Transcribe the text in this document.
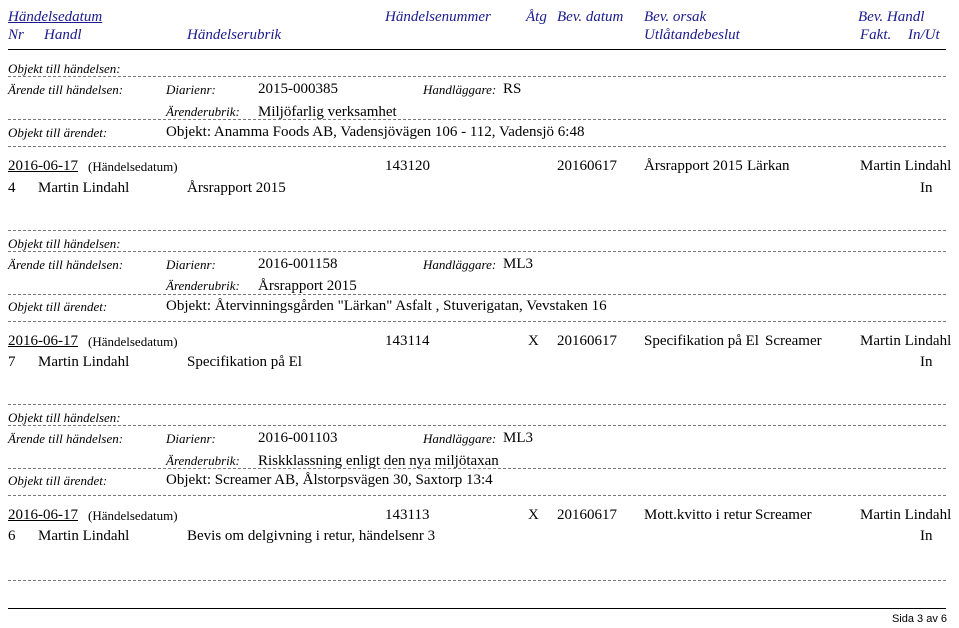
Händelsedatum	Händelsenummer Åtg Bev. datum Bev. orsak	Bev. Handl
Nr Handl	Händelserubrik	Utlåtandebeslut	Fakt. In/Ut
Objekt till händelsen:
Ärende till händelsen:	Diarienr:	2015-000385	Handläggare: RS
Ärenderubrik: Miljöfarlig verksamhet
Objekt till ärendet:	Objekt: Anamma Foods AB, Vadensjövägen 106 - 112, Vadensjö 6:48
2016-06-17 (Händelsedatum)	143120	20160617 Årsrapport 2015 Lärkan	Martin Lindahl
4 Martin Lindahl	Årsrapport 2015	In
Objekt till händelsen:
Ärende till händelsen:	Diarienr:	2016-001158	Handläggare: ML3
Ärenderubrik: Årsrapport 2015
Objekt till ärendet:	Objekt: Återvinningsgården "Lärkan" Asfalt , Stuverigatan, Vevstaken 16
2016-06-17 (Händelsedatum)	143114	X 20160617 Specifikation på El Screamer	Martin Lindahl
7 Martin Lindahl	Specifikation på El	In
Objekt till händelsen:
Ärende till händelsen:	Diarienr:	2016-001103	Handläggare: ML3
Ärenderubrik: Riskklassning enligt den nya miljötaxan
Objekt till ärendet:	Objekt: Screamer AB, Ålstorpsvägen 30, Saxtorp 13:4
2016-06-17 (Händelsedatum)	143113	X 20160617 Mott.kvitto i retur Screamer	Martin Lindahl
6 Martin Lindahl	Bevis om delgivning i retur, händelsenr 3	In
Sida 3 av 6
